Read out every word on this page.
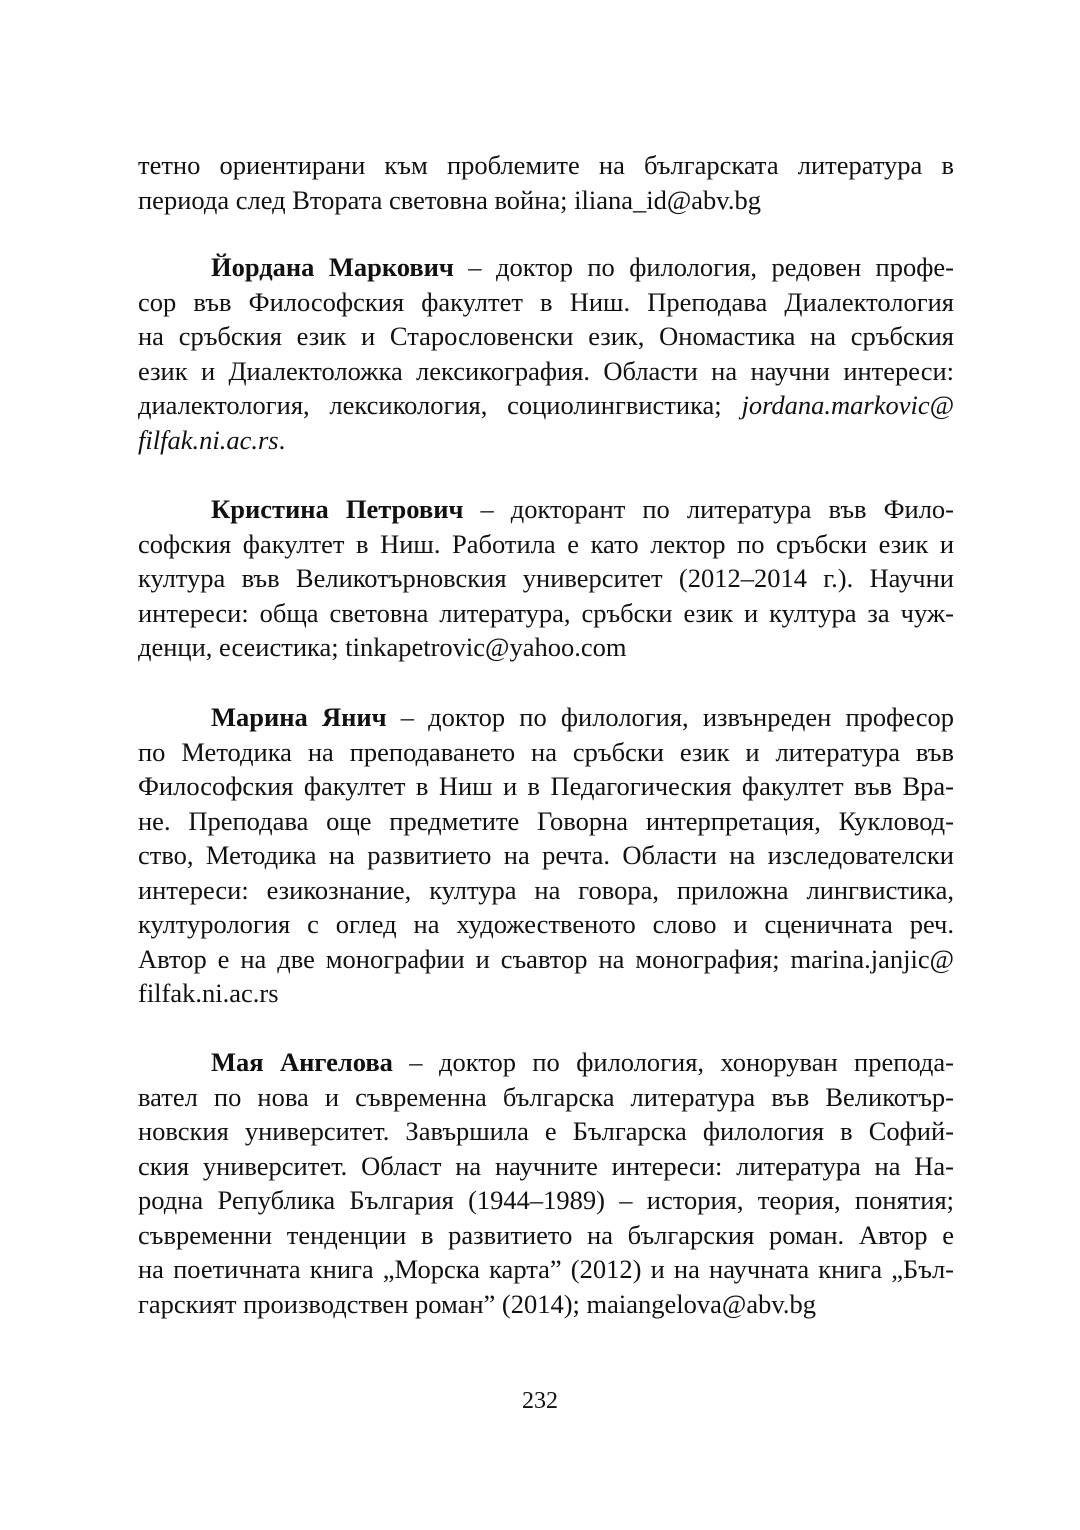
тетно ориентирани към проблемите на българската литература в
периода след Втората световна война; iliana_id@abv.bg
Йордана Маркович – доктор по филология, редовен профе-
сор във Философския факултет в Ниш. Преподава Диалектология
на сръбския език и Старословенски език, Ономастика на сръбския
език и Диалектоложка лексикография. Области на научни интереси:
диалектология, лексикология, социолингвистика; jordana.markovic@
filfak.ni.ac.rs.
Кристина Петрович – докторант по литература във Фило-
софския факултет в Ниш. Работила е като лектор по сръбски език и
култура във Великотърновския университет (2012–2014 г.). Научни
интереси: обща световна литература, сръбски език и култура за чуж-
денци, есеистика; tinkapetrovic@yahoo.com
Марина Янич – доктор по филология, извънреден професор
по Методика на преподаването на сръбски език и литература във
Философския факултет в Ниш и в Педагогическия факултет във Вра-
не. Преподава още предметите Говорна интерпретация, Кукловод-
ство, Методика на развитието на речта. Области на изследователски
интереси: езикознание, култура на говора, приложна лингвистика,
културология с оглед на художественото слово и сценичната реч.
Автор е на две монографии и съавтор на монография; marina.janjic@
filfak.ni.ac.rs
Мая Ангелова – доктор по филология, хоноруван препода-
вател по нова и съвременна българска литература във Великотър-
новския университет. Завършила е Българска филология в Софий-
ския университет. Област на научните интереси: литература на На-
родна Република България (1944–1989) – история, теория, понятия;
съвременни тенденции в развитието на българския роман. Автор е
на поетичната книга „Морска карта” (2012) и на научната книга „Бъл-
гарският производствен роман” (2014); maiangelova@abv.bg
232
